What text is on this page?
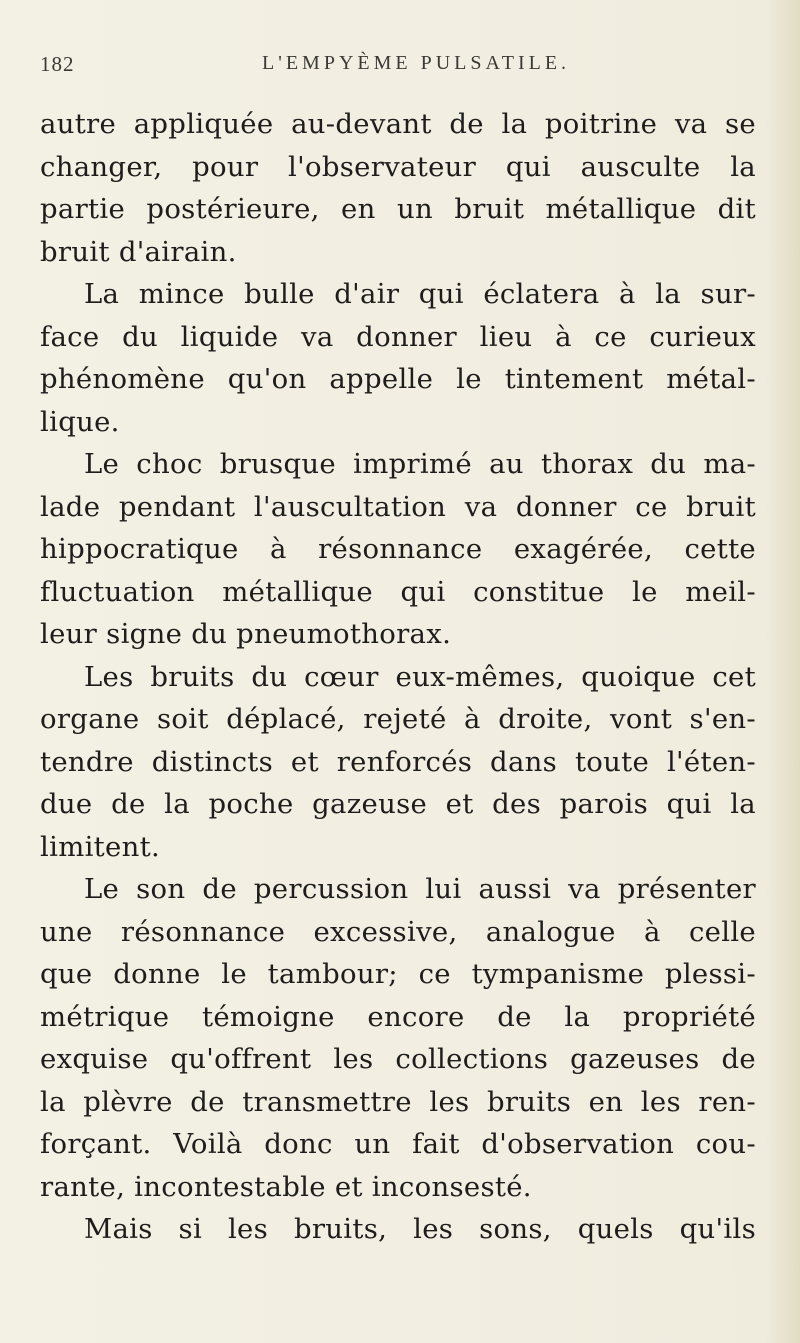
182	L'EMPYÈME PULSATILE.

autre appliquée au-devant de la poitrine va se
changer, pour l'observateur qui ausculte la
partie postérieure, en un bruit métallique dit
bruit d'airain.

La mince bulle d'air qui éclatera à la sur-
face du liquide va donner lieu à ce curieux
phénomène qu'on appelle le tintement métal-
lique.

Le choc brusque imprimé au thorax du ma-
lade pendant l'auscultation va donner ce bruit
hippocratique à résonnance exagérée, cette
fluctuation métallique qui constitue le meil-
leur signe du pneumothorax.

Les bruits du cœur eux-mêmes, quoique cet
organe soit déplacé, rejeté à droite, vont s'en-
tendre distincts et renforcés dans toute l'éten-
due de la poche gazeuse et des parois qui la
limitent.

Le son de percussion lui aussi va présenter
une résonnance excessive, analogue à celle
que donne le tambour; ce tympanisme plessi-
métrique témoigne encore de la propriété
exquise qu'offrent les collections gazeuses de
la plèvre de transmettre les bruits en les ren-
forçant. Voilà donc un fait d'observation cou-
rante, incontestable et inconsesté.

Mais si les bruits, les sons, quels qu'ils
